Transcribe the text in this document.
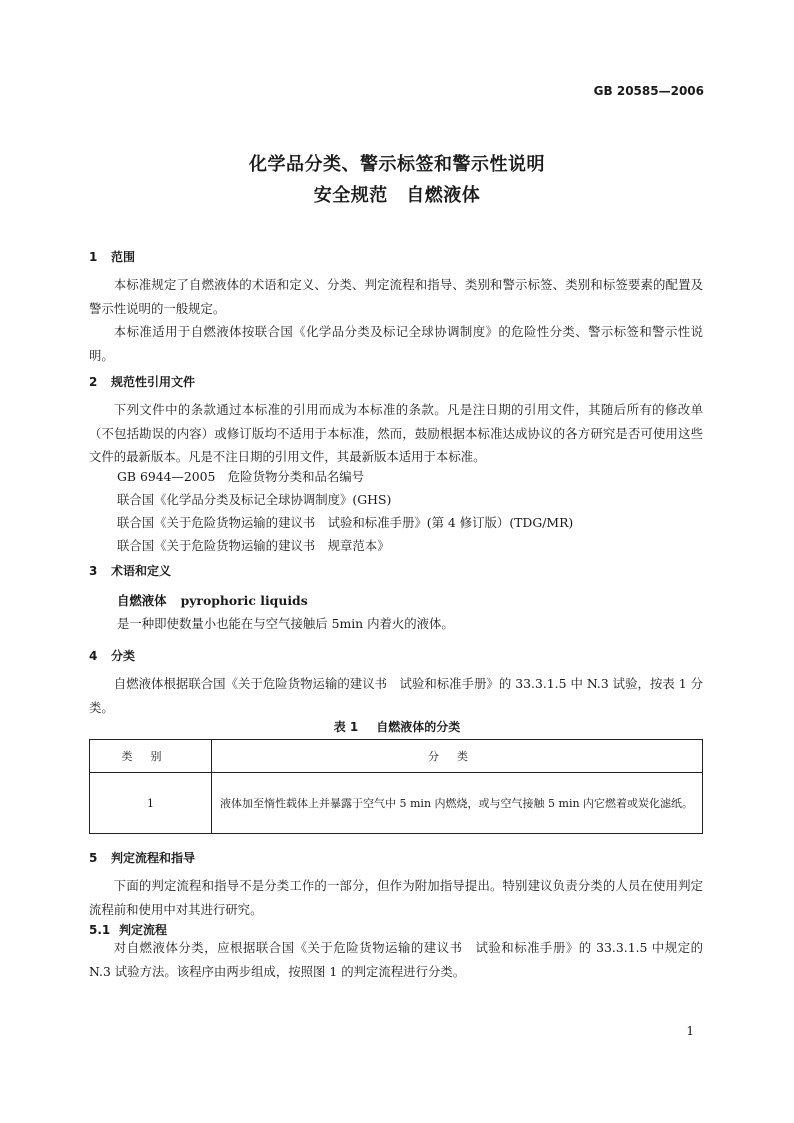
GB 20585—2006
化学品分类、警示标签和警示性说明
安全规范　自燃液体
1 范围
本标准规定了自燃液体的术语和定义、分类、判定流程和指导、类别和警示标签、类别和标签要素的配置及警示性说明的一般规定。
本标准适用于自燃液体按联合国《化学品分类及标记全球协调制度》的危险性分类、警示标签和警示性说明。
2 规范性引用文件
下列文件中的条款通过本标准的引用而成为本标准的条款。凡是注日期的引用文件，其随后所有的修改单（不包括勘误的内容）或修订版均不适用于本标准，然而，鼓励根据本标准达成协议的各方研究是否可使用这些文件的最新版本。凡是不注日期的引用文件，其最新版本适用于本标准。
GB 6944—2005　危险货物分类和品名编号
联合国《化学品分类及标记全球协调制度》(GHS)
联合国《关于危险货物运输的建议书　试验和标准手册》(第 4 修订版）(TDG/MR)
联合国《关于危险货物运输的建议书　规章范本》
3 术语和定义
自燃液体 pyrophoric liquids
是一种即使数量小也能在与空气接触后 5min 内着火的液体。
4 分类
自燃液体根据联合国《关于危险货物运输的建议书　试验和标准手册》的 33.3.1.5 中 N.3 试验，按表 1 分类。
表 1 自燃液体的分类
类别	分类
1	液体加至惰性载体上并暴露于空气中 5 min 内燃烧，或与空气接触 5 min 内它燃着或炭化滤纸。
5 判定流程和指导
下面的判定流程和指导不是分类工作的一部分，但作为附加指导提出。特别建议负责分类的人员在使用判定流程前和使用中对其进行研究。
5.1 判定流程
对自燃液体分类，应根据联合国《关于危险货物运输的建议书　试验和标准手册》的 33.3.1.5 中规定的 N.3 试验方法。该程序由两步组成，按照图 1 的判定流程进行分类。
1
